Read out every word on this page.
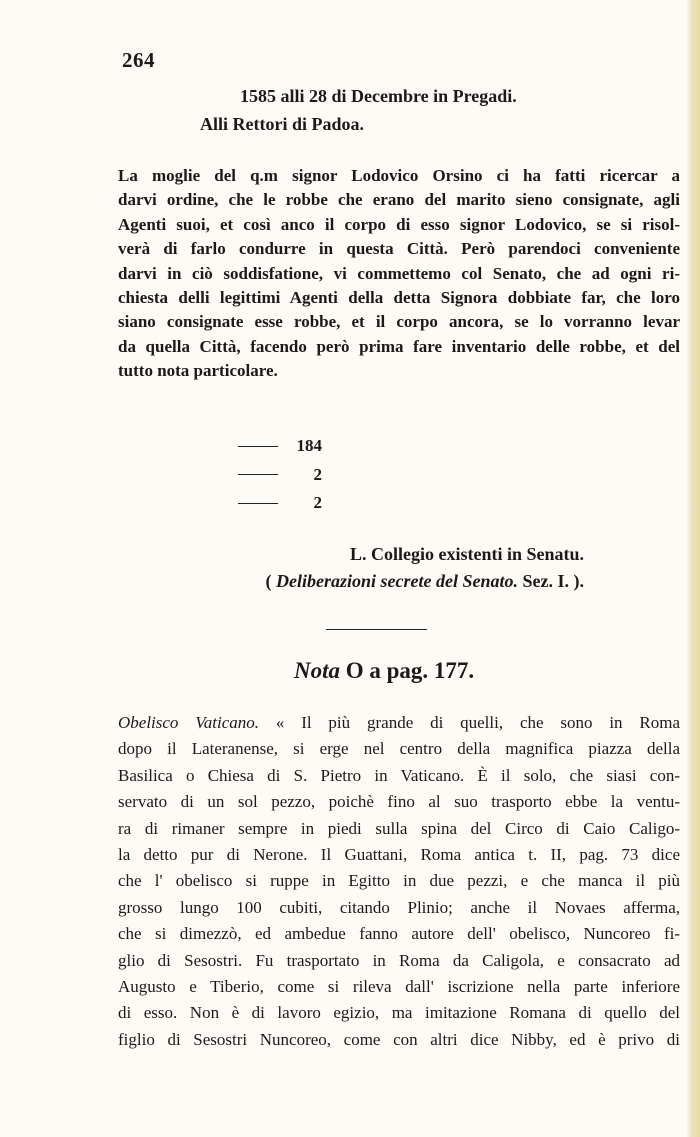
264
1585 alli 28 di Decembre in Pregadi.
Alli Rettori di Padoa.
La moglie del q.m signor Lodovico Orsino ci ha fatti ricercar a
darvi ordine, che le robbe che erano del marito sieno consignate, agli
Agenti suoi, et così anco il corpo di esso signor Lodovico, se si risol-
verà di farlo condurre in questa Città. Però parendoci conveniente
darvi in ciò soddisfatione, vi commettemo col Senato, che ad ogni ri-
chiesta delli legittimi Agenti della detta Signora dobbiate far, che loro
siano consignate esse robbe, et il corpo ancora, se lo vorranno levar
da quella Città, facendo però prima fare inventario delle robbe, et del
tutto nota particolare.
184
2
2
L. Collegio existenti in Senatu.
( Deliberazioni secrete del Senato. Sez. I. ).
Nota O a pag. 177.
Obelisco Vaticano. « Il più grande di quelli, che sono in Roma
dopo il Lateranense, si erge nel centro della magnifica piazza della
Basilica o Chiesa di S. Pietro in Vaticano. È il solo, che siasi con-
servato di un sol pezzo, poichè fino al suo trasporto ebbe la ventu-
ra di rimaner sempre in piedi sulla spina del Circo di Caio Caligo-
la detto pur di Nerone. Il Guattani, Roma antica t. II, pag. 73 dice
che l' obelisco si ruppe in Egitto in due pezzi, e che manca il più
grosso lungo 100 cubiti, citando Plinio; anche il Novaes afferma,
che si dimezzò, ed ambedue fanno autore dell' obelisco, Nuncoreo fi-
glio di Sesostri. Fu trasportato in Roma da Caligola, e consacrato ad
Augusto e Tiberio, come si rileva dall' iscrizione nella parte inferiore
di esso. Non è di lavoro egizio, ma imitazione Romana di quello del
figlio di Sesostri Nuncoreo, come con altri dice Nibby, ed è privo di
